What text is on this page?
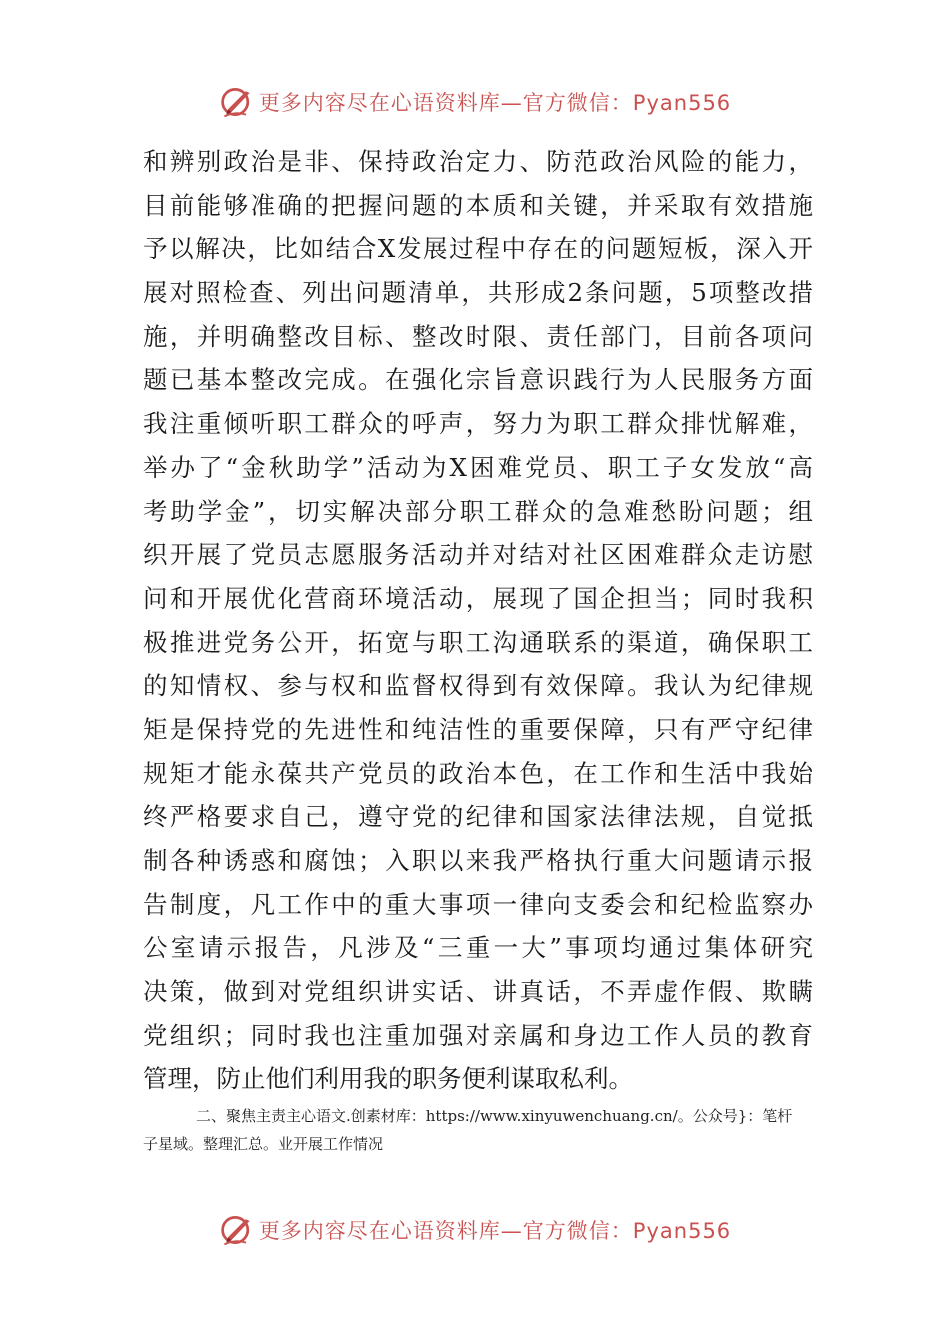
更多内容尽在心语资料库—官方微信：Pyan556
和辨别政治是非、保持政治定力、防范政治风险的能力，
目前能够准确的把握问题的本质和关键，并采取有效措施
予以解决，比如结合X发展过程中存在的问题短板，深入开
展对照检查、列出问题清单，共形成2条问题，5项整改措
施，并明确整改目标、整改时限、责任部门，目前各项问
题已基本整改完成。在强化宗旨意识践行为人民服务方面
我注重倾听职工群众的呼声，努力为职工群众排忧解难，
举办了“金秋助学”活动为X困难党员、职工子女发放“高
考助学金”，切实解决部分职工群众的急难愁盼问题；组
织开展了党员志愿服务活动并对结对社区困难群众走访慰
问和开展优化营商环境活动，展现了国企担当；同时我积
极推进党务公开，拓宽与职工沟通联系的渠道，确保职工
的知情权、参与权和监督权得到有效保障。我认为纪律规
矩是保持党的先进性和纯洁性的重要保障，只有严守纪律
规矩才能永葆共产党员的政治本色，在工作和生活中我始
终严格要求自己，遵守党的纪律和国家法律法规，自觉抵
制各种诱惑和腐蚀；入职以来我严格执行重大问题请示报
告制度，凡工作中的重大事项一律向支委会和纪检监察办
公室请示报告，凡涉及“三重一大”事项均通过集体研究
决策，做到对党组织讲实话、讲真话，不弄虚作假、欺瞒
党组织；同时我也注重加强对亲属和身边工作人员的教育
管理，防止他们利用我的职务便利谋取私利。
二、聚焦主责主心语文.创素材库：https://www.xinyuwenchuang.cn/。公众号}：笔杆
子星域。整理汇总。业开展工作情况
更多内容尽在心语资料库—官方微信：Pyan556
